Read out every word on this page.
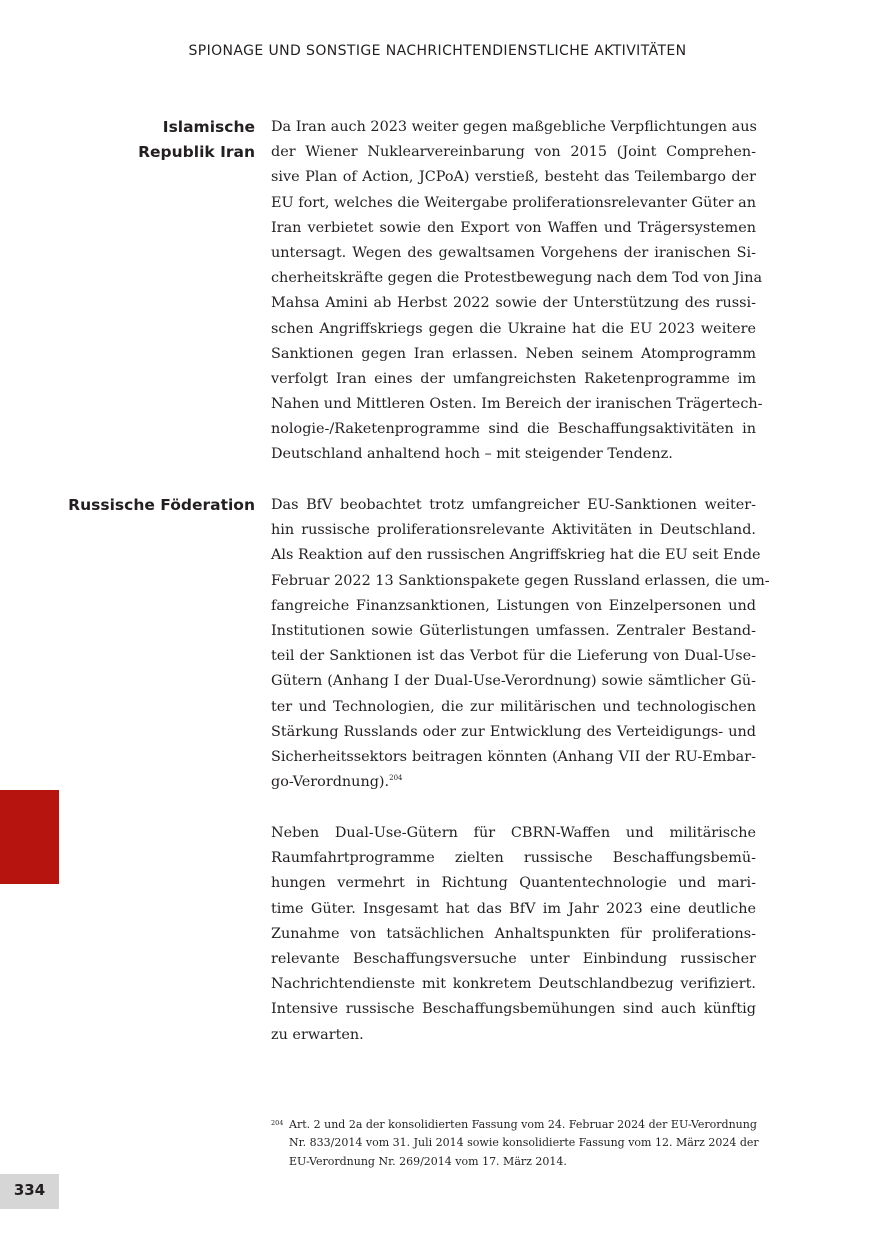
SPIONAGE UND SONSTIGE NACHRICHTENDIENSTLICHE AKTIVITÄTEN
Islamische
Republik Iran

Da Iran auch 2023 weiter gegen maßgebliche Verpflichtungen aus
der Wiener Nuklearvereinbarung von 2015 (Joint Comprehen-
sive Plan of Action, JCPoA) verstieß, besteht das Teilembargo der
EU fort, welches die Weitergabe proliferationsrelevanter Güter an
Iran verbietet sowie den Export von Waffen und Trägersystemen
untersagt. Wegen des gewaltsamen Vorgehens der iranischen Si-
cherheitskräfte gegen die Protestbewegung nach dem Tod von Jina
Mahsa Amini ab Herbst 2022 sowie der Unterstützung des russi-
schen Angriffskriegs gegen die Ukraine hat die EU 2023 weitere
Sanktionen gegen Iran erlassen. Neben seinem Atomprogramm
verfolgt Iran eines der umfangreichsten Raketenprogramme im
Nahen und Mittleren Osten. Im Bereich der iranischen Trägertech-
nologie-/Raketenprogramme sind die Beschaffungsaktivitäten in
Deutschland anhaltend hoch – mit steigender Tendenz.

Russische Föderation Das BfV beobachtet trotz umfangreicher EU-Sanktionen weiter-
hin russische proliferationsrelevante Aktivitäten in Deutschland.
Als Reaktion auf den russischen Angriffskrieg hat die EU seit Ende
Februar 2022 13 Sanktionspakete gegen Russland erlassen, die um-
fangreiche Finanzsanktionen, Listungen von Einzelpersonen und
Institutionen sowie Güterlistungen umfassen. Zentraler Bestand-
teil der Sanktionen ist das Verbot für die Lieferung von Dual-Use-
Gütern (Anhang I der Dual-Use-Verordnung) sowie sämtlicher Gü-
ter und Technologien, die zur militärischen und technologischen
Stärkung Russlands oder zur Entwicklung des Verteidigungs- und
Sicherheitssektors beitragen könnten (Anhang VII der RU-Embar-
go-Verordnung).$^{204}$

Neben Dual-Use-Gütern für CBRN-Waffen und militärische
Raumfahrtprogramme zielten russische Beschaffungsbemü-
hungen vermehrt in Richtung Quantentechnologie und mari-
time Güter. Insgesamt hat das BfV im Jahr 2023 eine deutliche
Zunahme von tatsächlichen Anhaltspunkten für proliferations-
relevante Beschaffungsversuche unter Einbindung russischer
Nachrichtendienste mit konkretem Deutschlandbezug verifiziert.
Intensive russische Beschaffungsbemühungen sind auch künftig
zu erwarten.

204 Art. 2 und 2a der konsolidierten Fassung vom 24. Februar 2024 der EU-Verordnung
Nr. 833/2014 vom 31. Juli 2014 sowie konsolidierte Fassung vom 12. März 2024 der
EU-Verordnung Nr. 269/2014 vom 17. März 2014.
334
